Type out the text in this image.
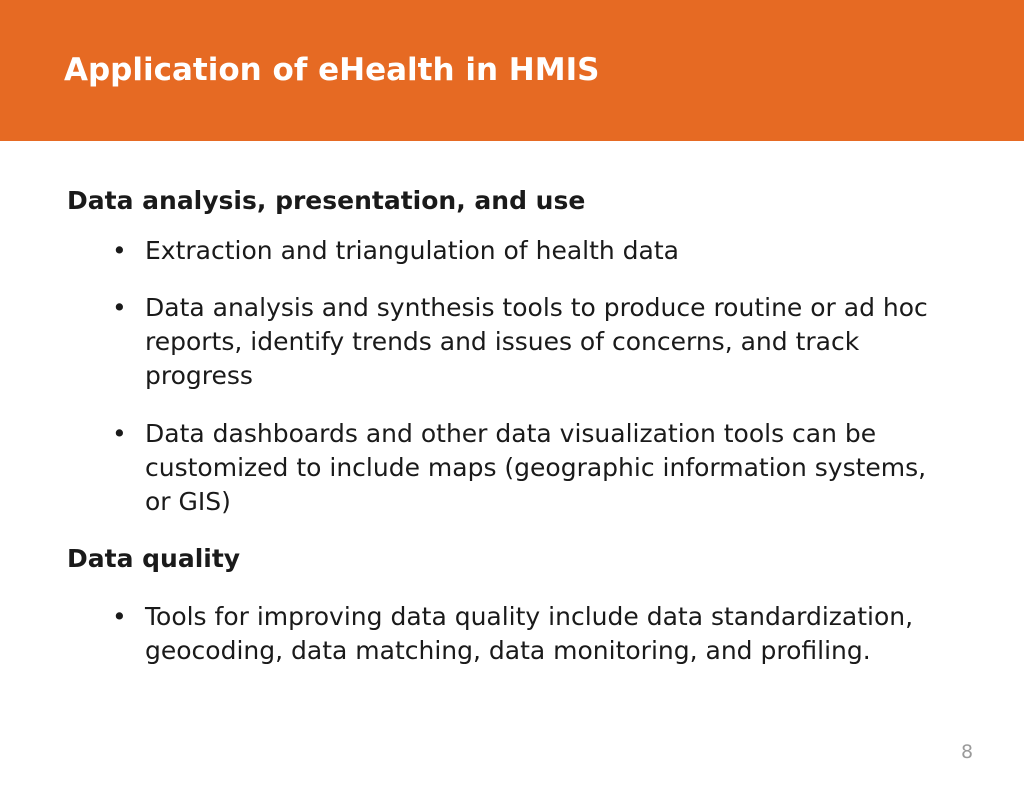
Application of eHealth in HMIS
Data analysis, presentation, and use
• Extraction and triangulation of health data
• Data analysis and synthesis tools to produce routine or ad hoc reports, identify trends and issues of concerns, and track progress
• Data dashboards and other data visualization tools can be customized to include maps (geographic information systems, or GIS)
Data quality
• Tools for improving data quality include data standardization, geocoding, data matching, data monitoring, and profiling.
8
